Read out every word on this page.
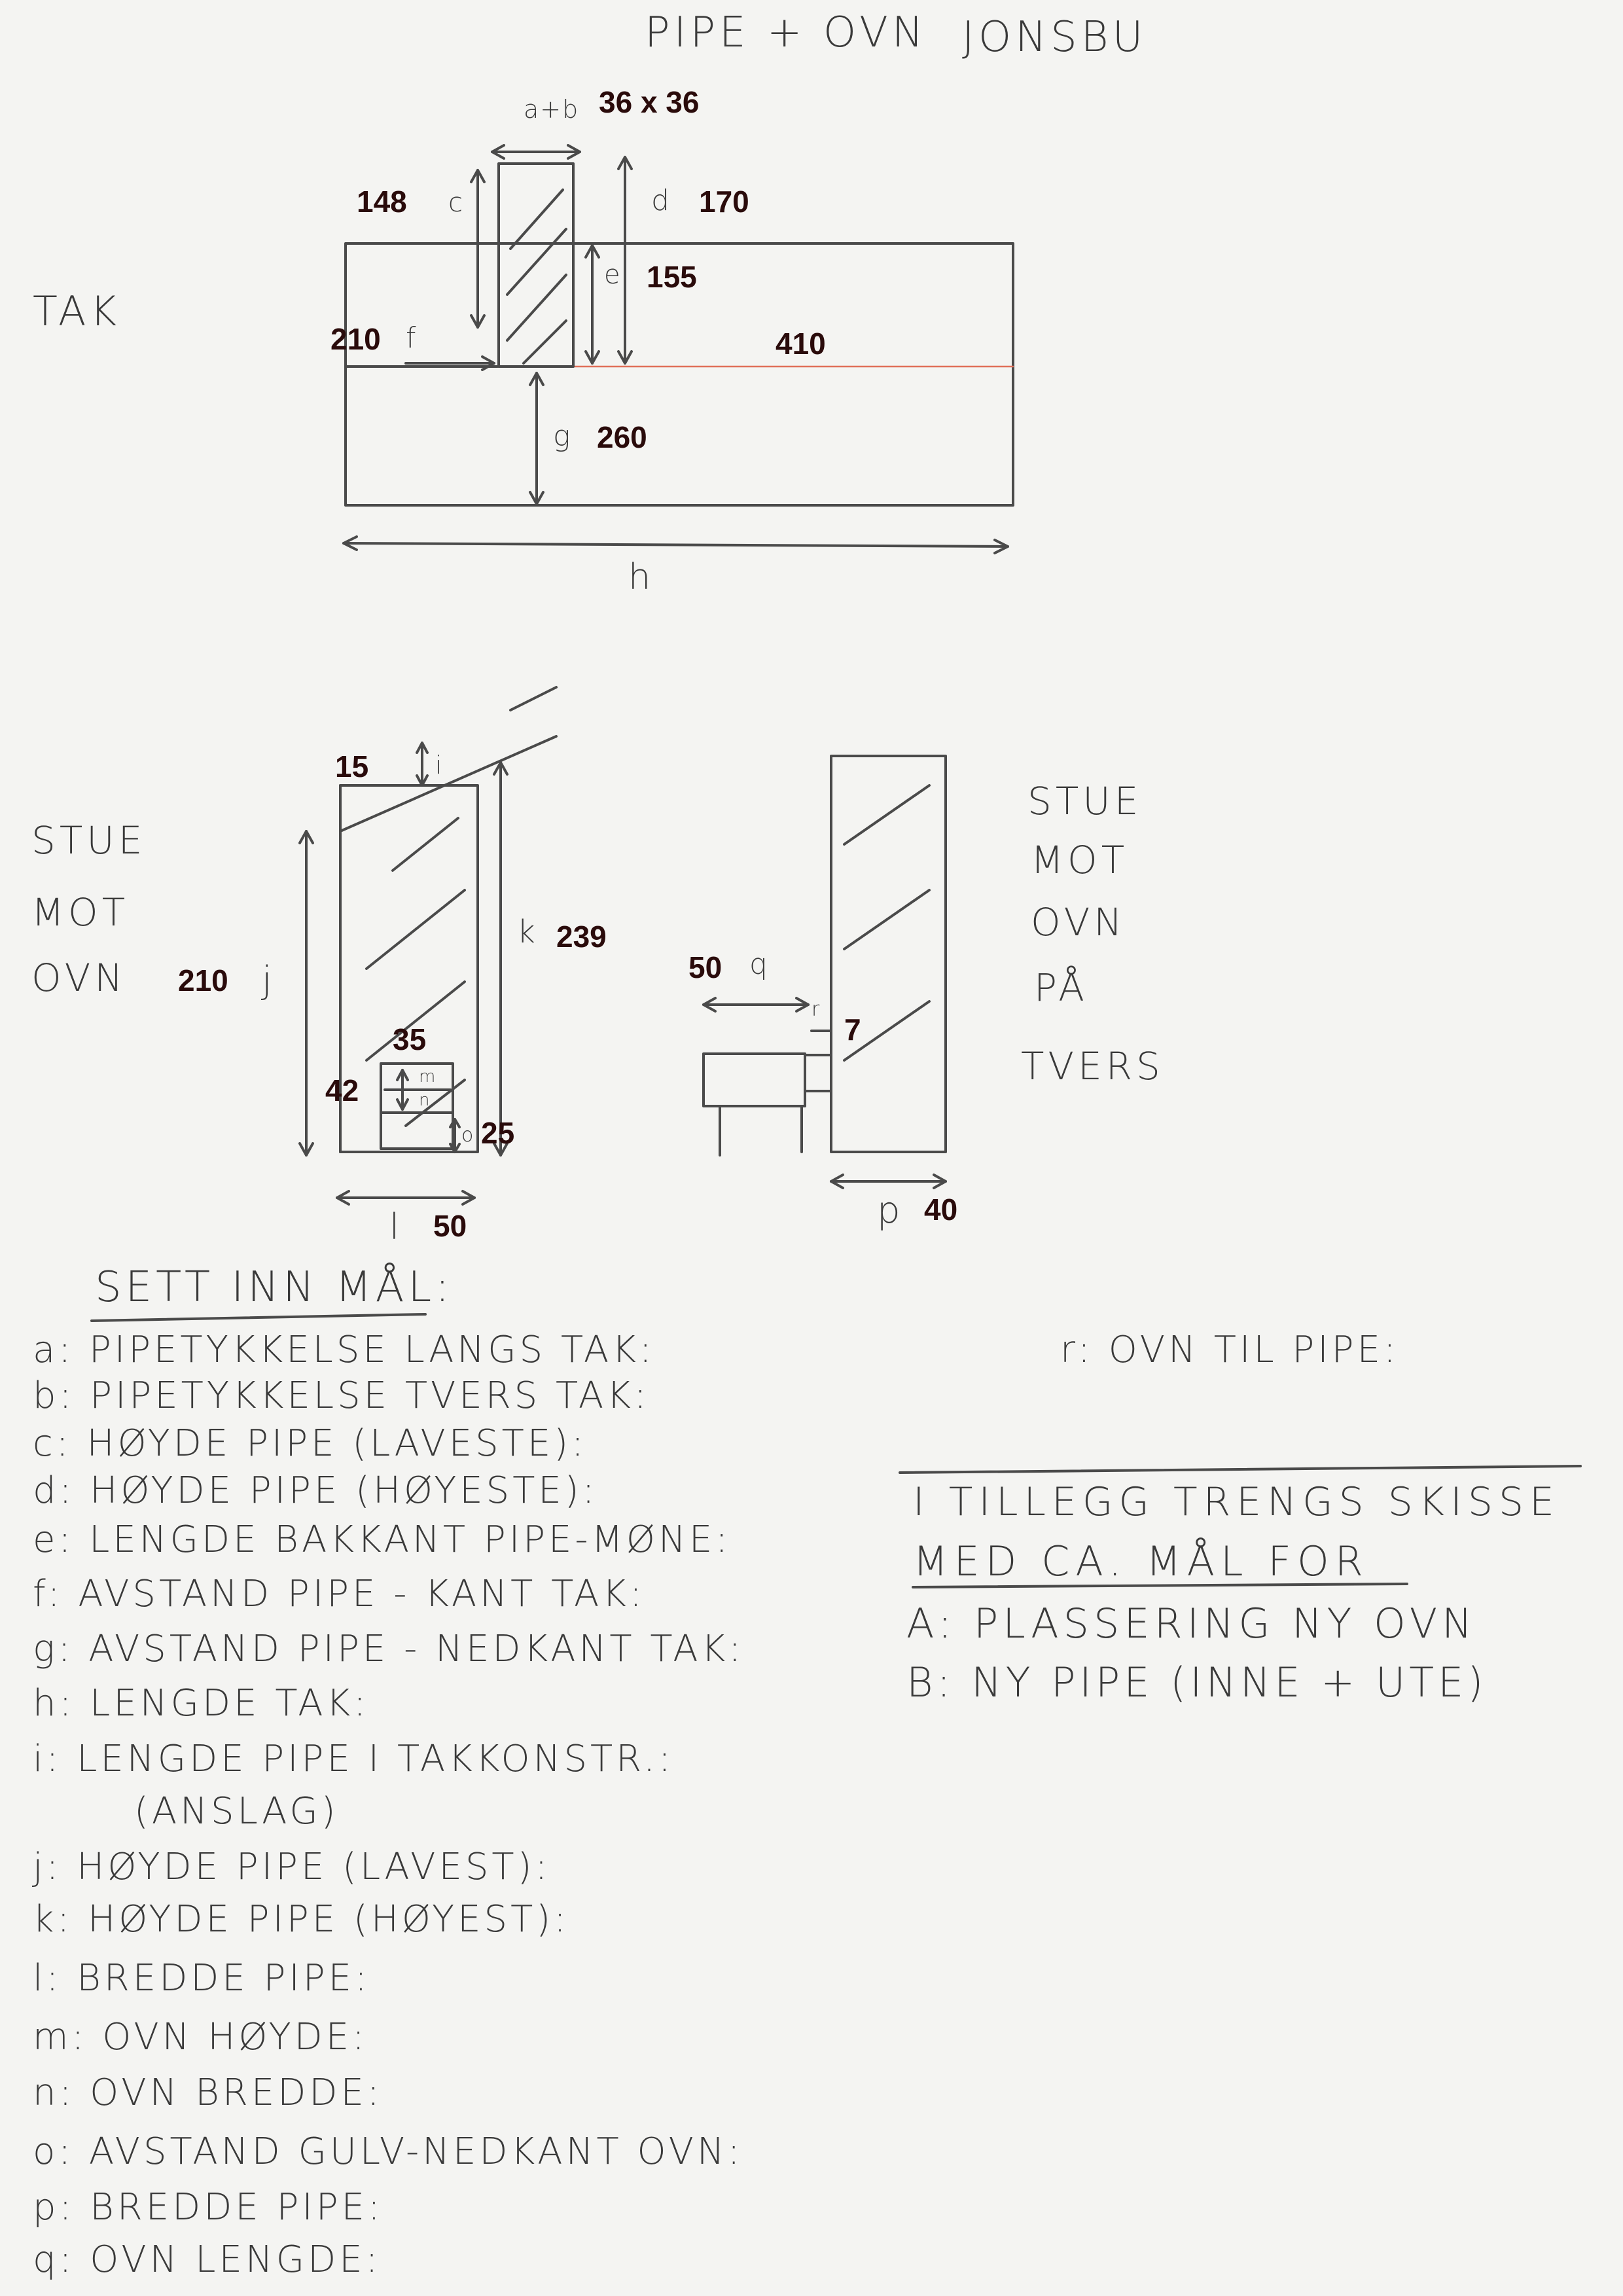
PIPE + OVN JONSBU
TAK
a+b 36 x 36
148 c	d 170
e 155
210 f	410
g 260
h
STUE
MOT
OVN
15	i
210 j
k 239
35
42	m
n
o 25
l 50
50 q
r
7
p 40
STUE
MOT
OVN
PÅ
TVERS
SETT INN MÅL:
a: PIPETYKKELSE LANGS TAK:
b: PIPETYKKELSE TVERS TAK:
c: HØYDE PIPE (LAVESTE):
d: HØYDE PIPE (HØYESTE):
e: LENGDE BAKKANT PIPE-MØNE:
f: AVSTAND PIPE - KANT TAK:
g: AVSTAND PIPE - NEDKANT TAK:
h: LENGDE TAK:
i: LENGDE PIPE I TAKKONSTR.:
(ANSLAG)
j: HØYDE PIPE (LAVEST):
k: HØYDE PIPE (HØYEST):
l: BREDDE PIPE:
m: OVN HØYDE:
n: OVN BREDDE:
o: AVSTAND GULV-NEDKANT OVN:
p: BREDDE PIPE:
q: OVN LENGDE:
r: OVN TIL PIPE:
I TILLEGG TRENGS SKISSE
MED CA. MÅL FOR
A: PLASSERING NY OVN
B: NY PIPE (INNE + UTE)
